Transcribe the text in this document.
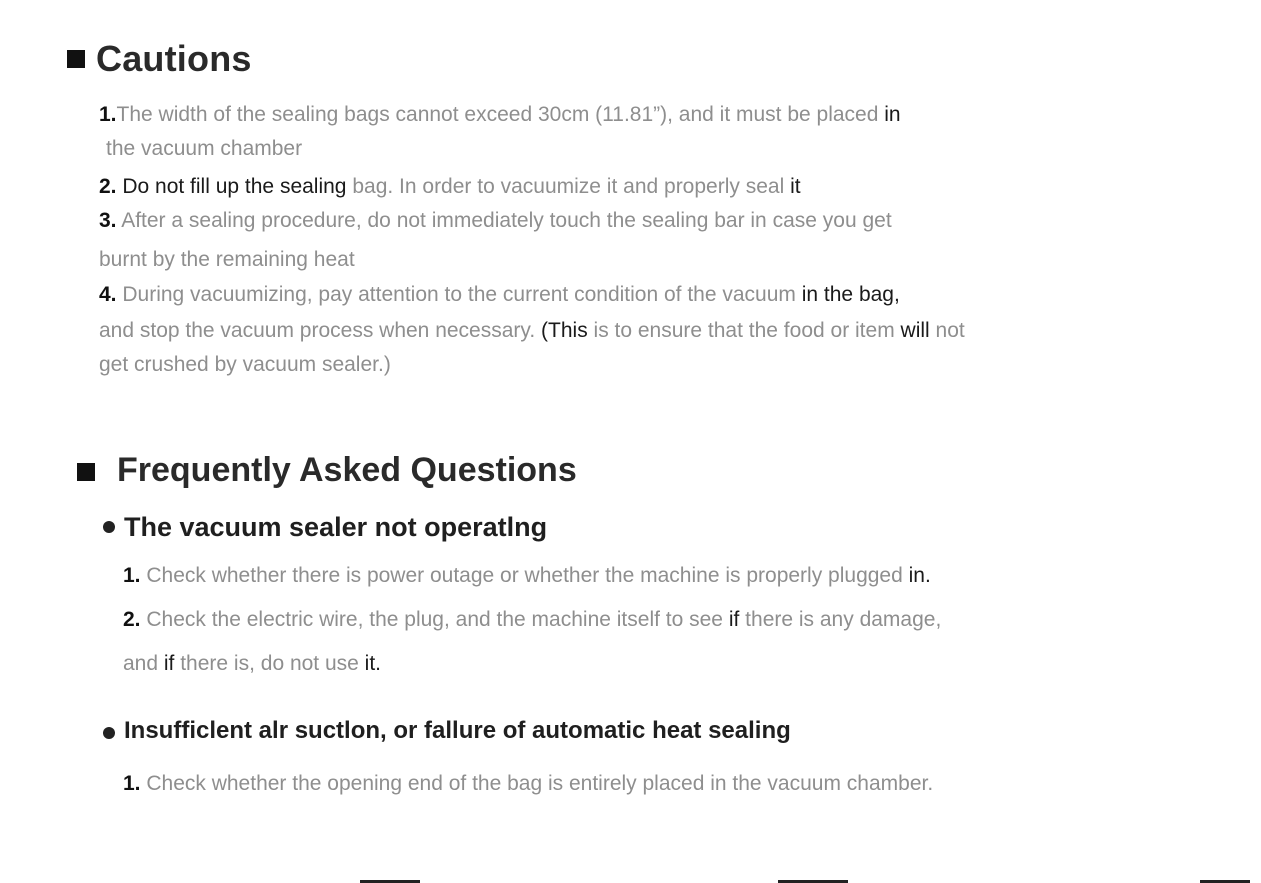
Cautions
1.The width of the sealing bags cannot exceed 30cm (11.81”), and it must be placed in
the vacuum chamber
2. Do not fill up the sealing bag. In order to vacuumize it and properly seal it
3. After a sealing procedure, do not immediately touch the sealing bar in case you get
burnt by the remaining heat
4. During vacuumizing, pay attention to the current condition of the vacuum in the bag,
and stop the vacuum process when necessary. (This is to ensure that the food or item will not
get crushed by vacuum sealer.)
Frequently Asked Questions
The vacuum sealer not operatlng
1. Check whether there is power outage or whether the machine is properly plugged in.
2. Check the electric wire, the plug, and the machine itself to see if there is any damage,
and if there is, do not use it.
Insufficlent alr suctlon, or fallure of automatic heat sealing
1. Check whether the opening end of the bag is entirely placed in the vacuum chamber.
